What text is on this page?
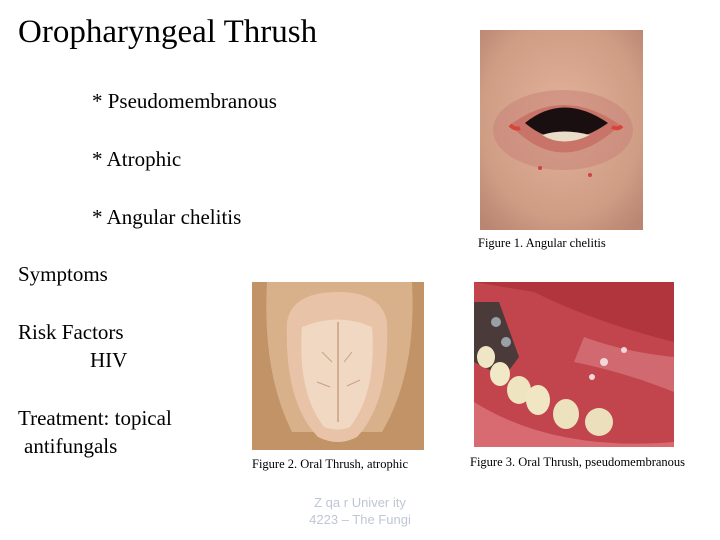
Oropharyngeal Thrush
* Pseudomembranous
* Atrophic
* Angular chelitis
Symptoms
Risk Factors
HIV
Treatment: topical
antifungals
Figure 1. Angular chelitis
Figure 2. Oral Thrush, atrophic	Figure 3. Oral Thrush, pseudomembranous
Z qa r Univer ity
4223 – The Fungi
